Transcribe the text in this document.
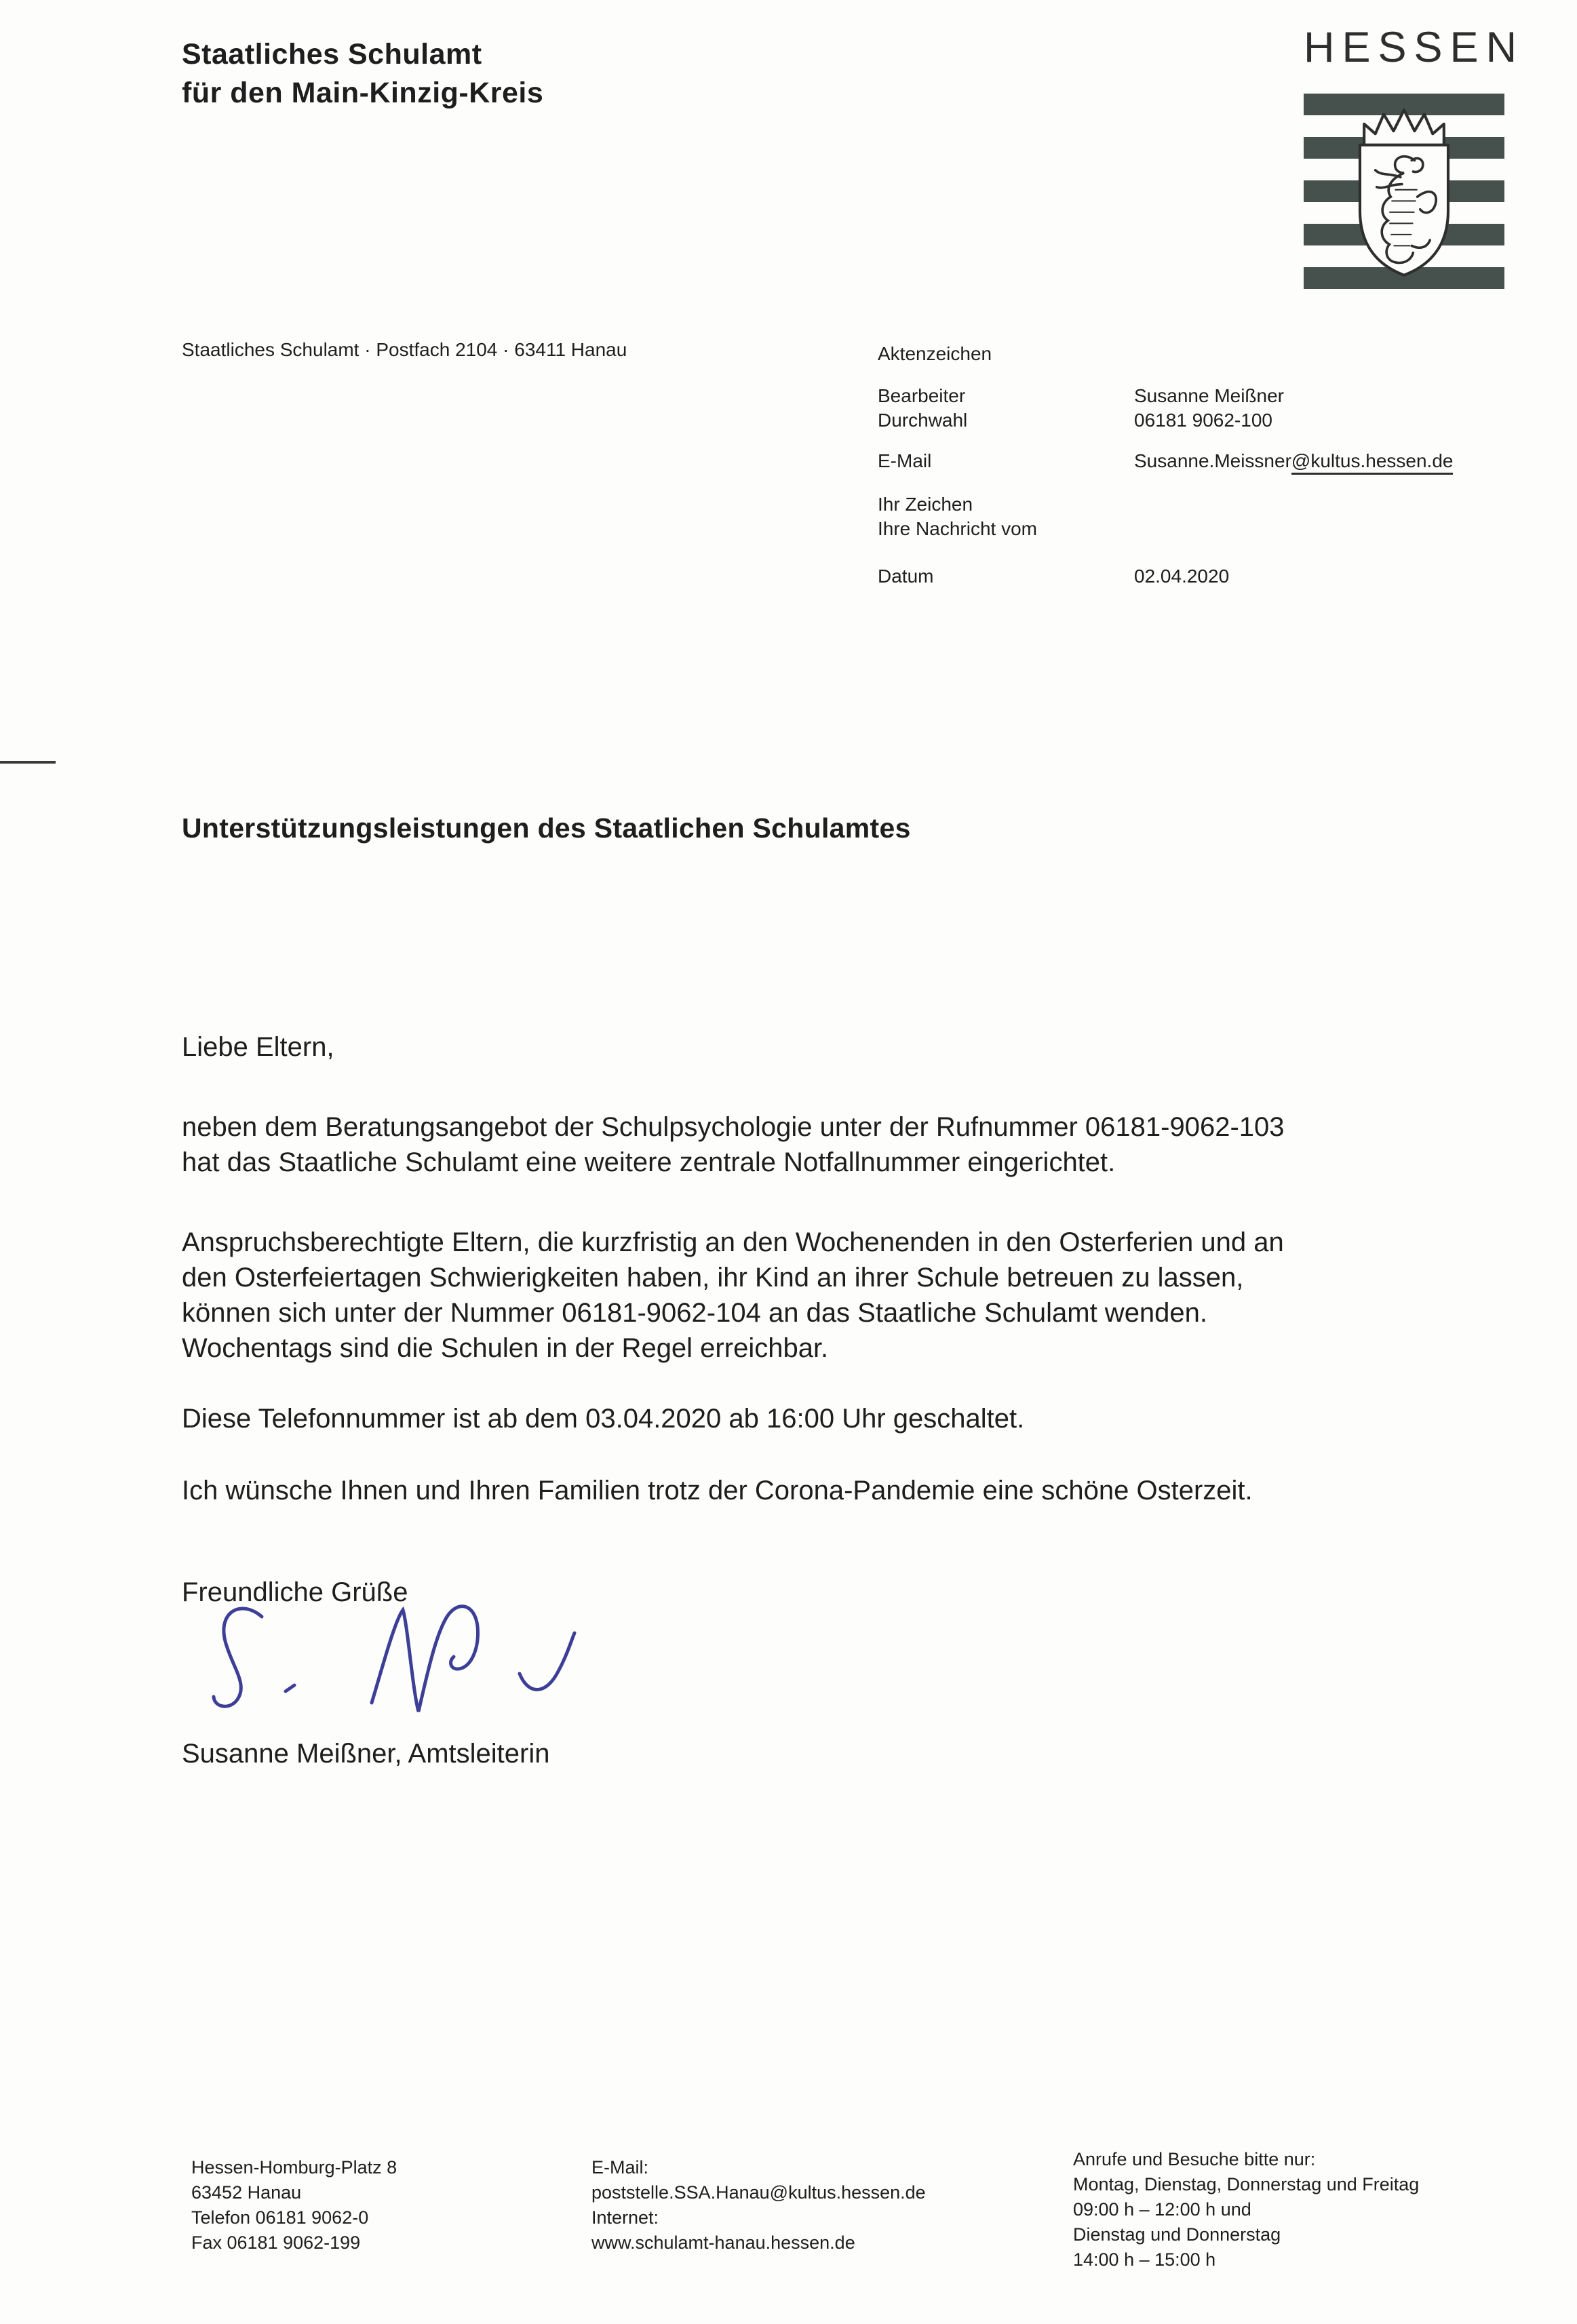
Staatliches Schulamt
für den Main-Kinzig-Kreis
HESSEN
Staatliches Schulamt · Postfach 2104 · 63411 Hanau	Aktenzeichen
Bearbeiter	Susanne Meißner
Durchwahl	06181 9062-100
E-Mail	Susanne.Meissner@kultus.hessen.de
Ihr Zeichen
Ihre Nachricht vom
Datum	02.04.2020
Unterstützungsleistungen des Staatlichen Schulamtes
Liebe Eltern,
neben dem Beratungsangebot der Schulpsychologie unter der Rufnummer 06181-9062-103
hat das Staatliche Schulamt eine weitere zentrale Notfallnummer eingerichtet.
Anspruchsberechtigte Eltern, die kurzfristig an den Wochenenden in den Osterferien und an
den Osterfeiertagen Schwierigkeiten haben, ihr Kind an ihrer Schule betreuen zu lassen,
können sich unter der Nummer 06181-9062-104 an das Staatliche Schulamt wenden.
Wochentags sind die Schulen in der Regel erreichbar.
Diese Telefonnummer ist ab dem 03.04.2020 ab 16:00 Uhr geschaltet.
Ich wünsche Ihnen und Ihren Familien trotz der Corona-Pandemie eine schöne Osterzeit.
Freundliche Grüße
Susanne Meißner, Amtsleiterin
Hessen-Homburg-Platz 8
63452 Hanau
Telefon 06181 9062-0
Fax 06181 9062-199
E-Mail:
poststelle.SSA.Hanau@kultus.hessen.de
Internet:
www.schulamt-hanau.hessen.de
Anrufe und Besuche bitte nur:
Montag, Dienstag, Donnerstag und Freitag
09:00 h – 12:00 h und
Dienstag und Donnerstag
14:00 h – 15:00 h
